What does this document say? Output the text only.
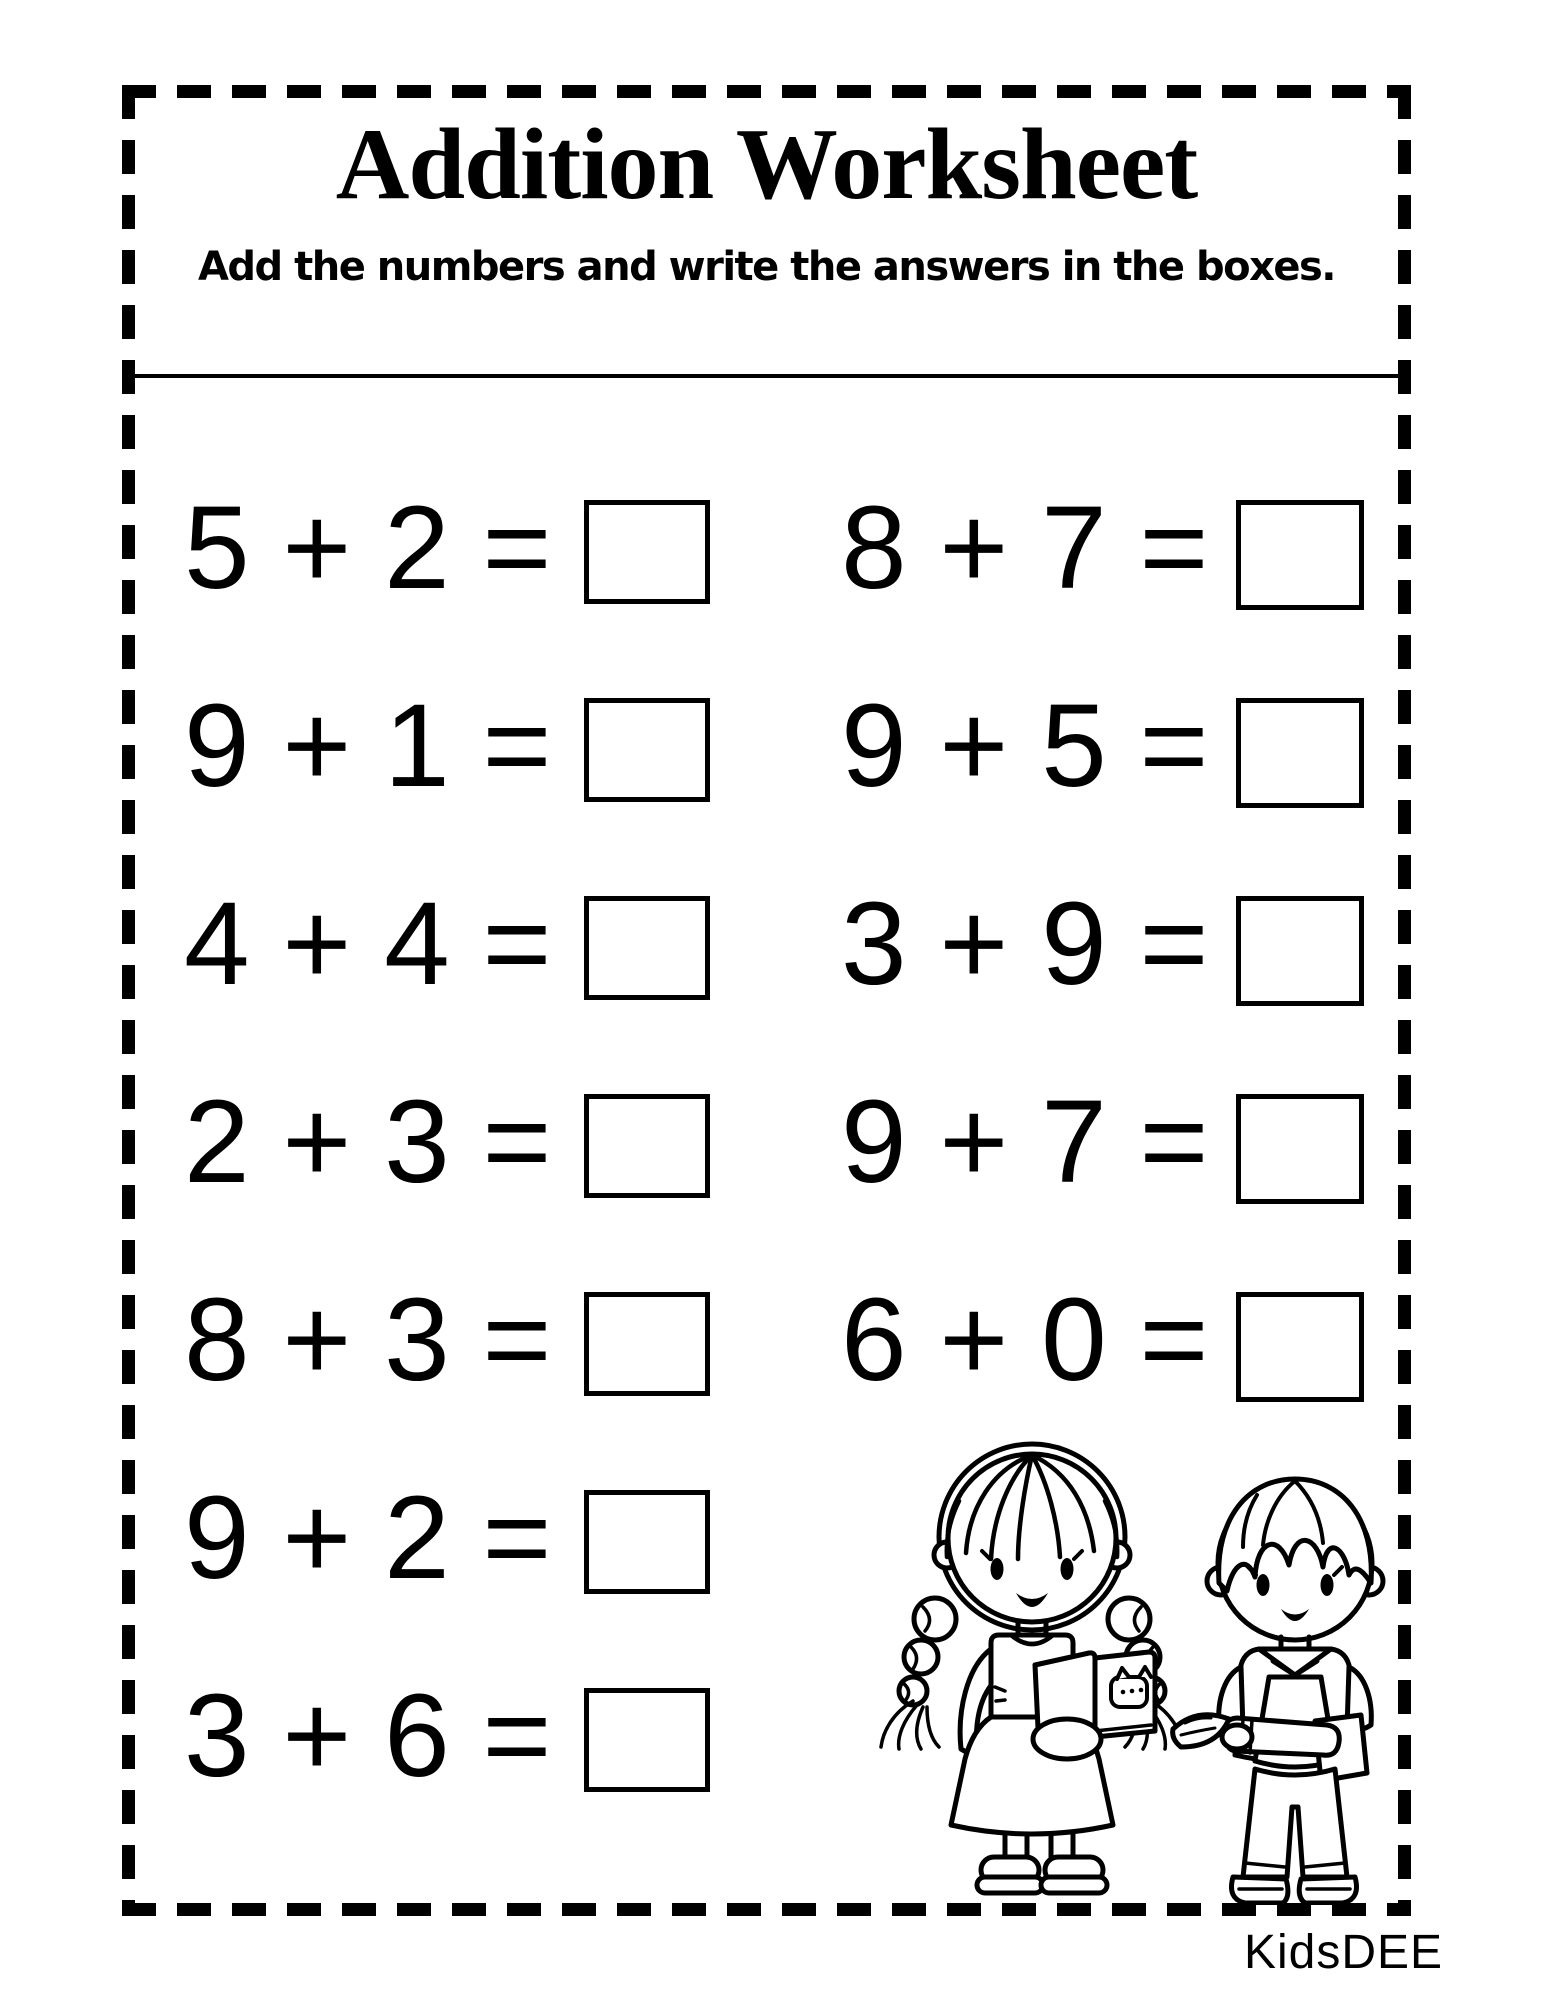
Addition Worksheet
Add the numbers and write the answers in the boxes.
5 + 2 =
9 + 1 =
4 + 4 =
2 + 3 =
8 + 3 =
9 + 2 =
3 + 6 =
8 + 7 =
9 + 5 =
3 + 9 =
9 + 7 =
6 + 0 =
KidsDEE
